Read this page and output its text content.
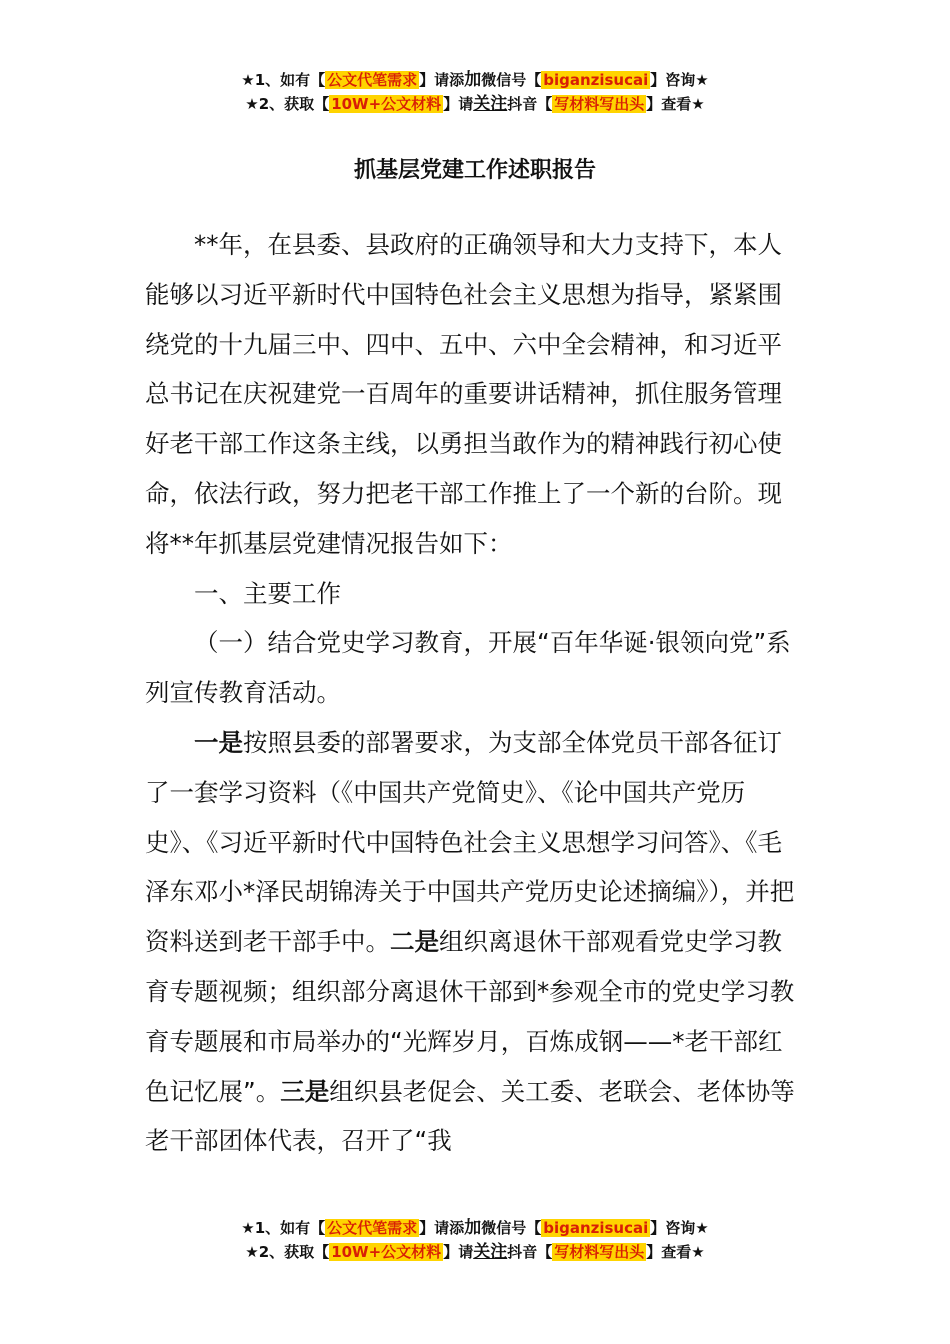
★1、如有【 公文代笔需求 】请添加微信号【 biganzisucai 】咨询★
★2、获取【 10W+公文材料 】请关注抖音【 写材料写出头 】查看★
抓基层党建工作述职报告

**年，在县委、县政府的正确领导和大力支持下，本人能够以习近平新时代中国特色社会主义思想为指导，紧紧围绕党的十九届三中、四中、五中、六中全会精神，和习近平总书记在庆祝建党一百周年的重要讲话精神，抓住服务管理好老干部工作这条主线，以勇担当敢作为的精神践行初心使命，依法行政，努力把老干部工作推上了一个新的台阶。现将**年抓基层党建情况报告如下：

一、主要工作

（一）结合党史学习教育，开展“百年华诞·银领向党”系列宣传教育活动。

一是按照县委的部署要求，为支部全体党员干部各征订了一套学习资料（《中国共产党简史》、《论中国共产党历史》、《习近平新时代中国特色社会主义思想学习问答》、《毛泽东邓小*泽民胡锦涛关于中国共产党历史论述摘编》），并把资料送到老干部手中。二是组织离退休干部观看党史学习教育专题视频；组织部分离退休干部到*参观全市的党史学习教育专题展和市局举办的“光辉岁月，百炼成钢——*老干部红色记忆展”。三是组织县老促会、关工委、老联会、老体协等老干部团体代表，召开了“我

★1、如有【 公文代笔需求 】请添加微信号【 biganzisucai 】咨询★
★2、获取【 10W+公文材料 】请关注抖音【 写材料写出头 】查看★
